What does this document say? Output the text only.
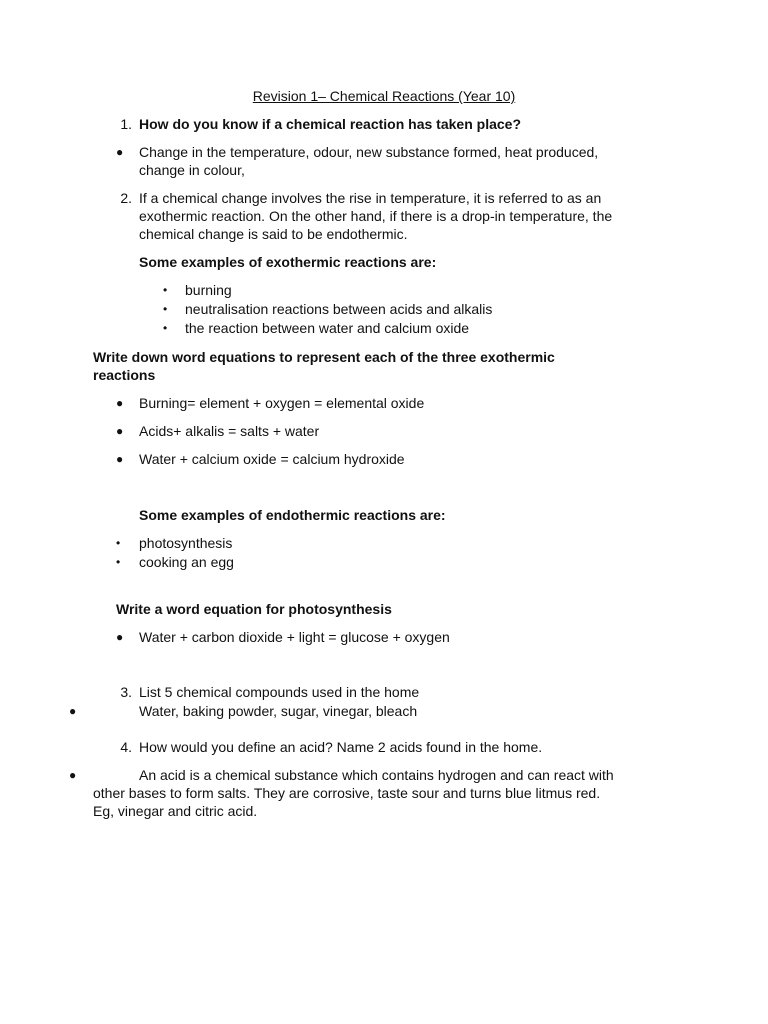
Revision 1– Chemical Reactions (Year 10)
1. How do you know if a chemical reaction has taken place?
● Change in the temperature, odour, new substance formed, heat produced,
change in colour,
2. If a chemical change involves the rise in temperature, it is referred to as an
exothermic reaction. On the other hand, if there is a drop-in temperature, the
chemical change is said to be endothermic.
Some examples of exothermic reactions are:
• burning
• neutralisation reactions between acids and alkalis
• the reaction between water and calcium oxide
Write down word equations to represent each of the three exothermic
reactions
● Burning= element + oxygen = elemental oxide
● Acids+ alkalis = salts + water
● Water + calcium oxide = calcium hydroxide
Some examples of endothermic reactions are:
• photosynthesis
• cooking an egg
Write a word equation for photosynthesis
● Water + carbon dioxide + light = glucose + oxygen
3. List 5 chemical compounds used in the home
●	Water, baking powder, sugar, vinegar, bleach
4. How would you define an acid? Name 2 acids found in the home.
●	An acid is a chemical substance which contains hydrogen and can react with
other bases to form salts. They are corrosive, taste sour and turns blue litmus red.
Eg, vinegar and citric acid.
